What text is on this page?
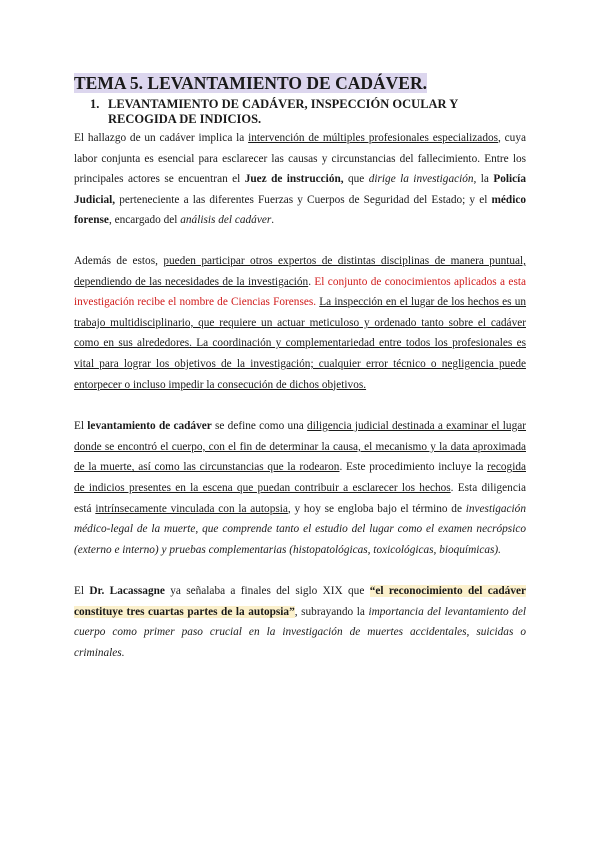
TEMA 5. LEVANTAMIENTO DE CADÁVER.
1. LEVANTAMIENTO DE CADÁVER, INSPECCIÓN OCULAR Y RECOGIDA DE INDICIOS.

El hallazgo de un cadáver implica la intervención de múltiples profesionales especializados, cuya labor conjunta es esencial para esclarecer las causas y circunstancias del fallecimiento. Entre los principales actores se encuentran el Juez de instrucción, que dirige la investigación, la Policía Judicial, perteneciente a las diferentes Fuerzas y Cuerpos de Seguridad del Estado; y el médico forense, encargado del análisis del cadáver.

Además de estos, pueden participar otros expertos de distintas disciplinas de manera puntual, dependiendo de las necesidades de la investigación. El conjunto de conocimientos aplicados a esta investigación recibe el nombre de Ciencias Forenses. La inspección en el lugar de los hechos es un trabajo multidisciplinario, que requiere un actuar meticuloso y ordenado tanto sobre el cadáver como en sus alrededores. La coordinación y complementariedad entre todos los profesionales es vital para lograr los objetivos de la investigación; cualquier error técnico o negligencia puede entorpecer o incluso impedir la consecución de dichos objetivos.

El levantamiento de cadáver se define como una diligencia judicial destinada a examinar el lugar donde se encontró el cuerpo, con el fin de determinar la causa, el mecanismo y la data aproximada de la muerte, así como las circunstancias que la rodearon. Este procedimiento incluye la recogida de indicios presentes en la escena que puedan contribuir a esclarecer los hechos. Esta diligencia está intrínsecamente vinculada con la autopsia, y hoy se engloba bajo el término de investigación médico-legal de la muerte, que comprende tanto el estudio del lugar como el examen necrópsico (externo e interno) y pruebas complementarias (histopatológicas, toxicológicas, bioquímicas).

El Dr. Lacassagne ya señalaba a finales del siglo XIX que “el reconocimiento del cadáver constituye tres cuartas partes de la autopsia”, subrayando la importancia del levantamiento del cuerpo como primer paso crucial en la investigación de muertes accidentales, suicidas o criminales.
